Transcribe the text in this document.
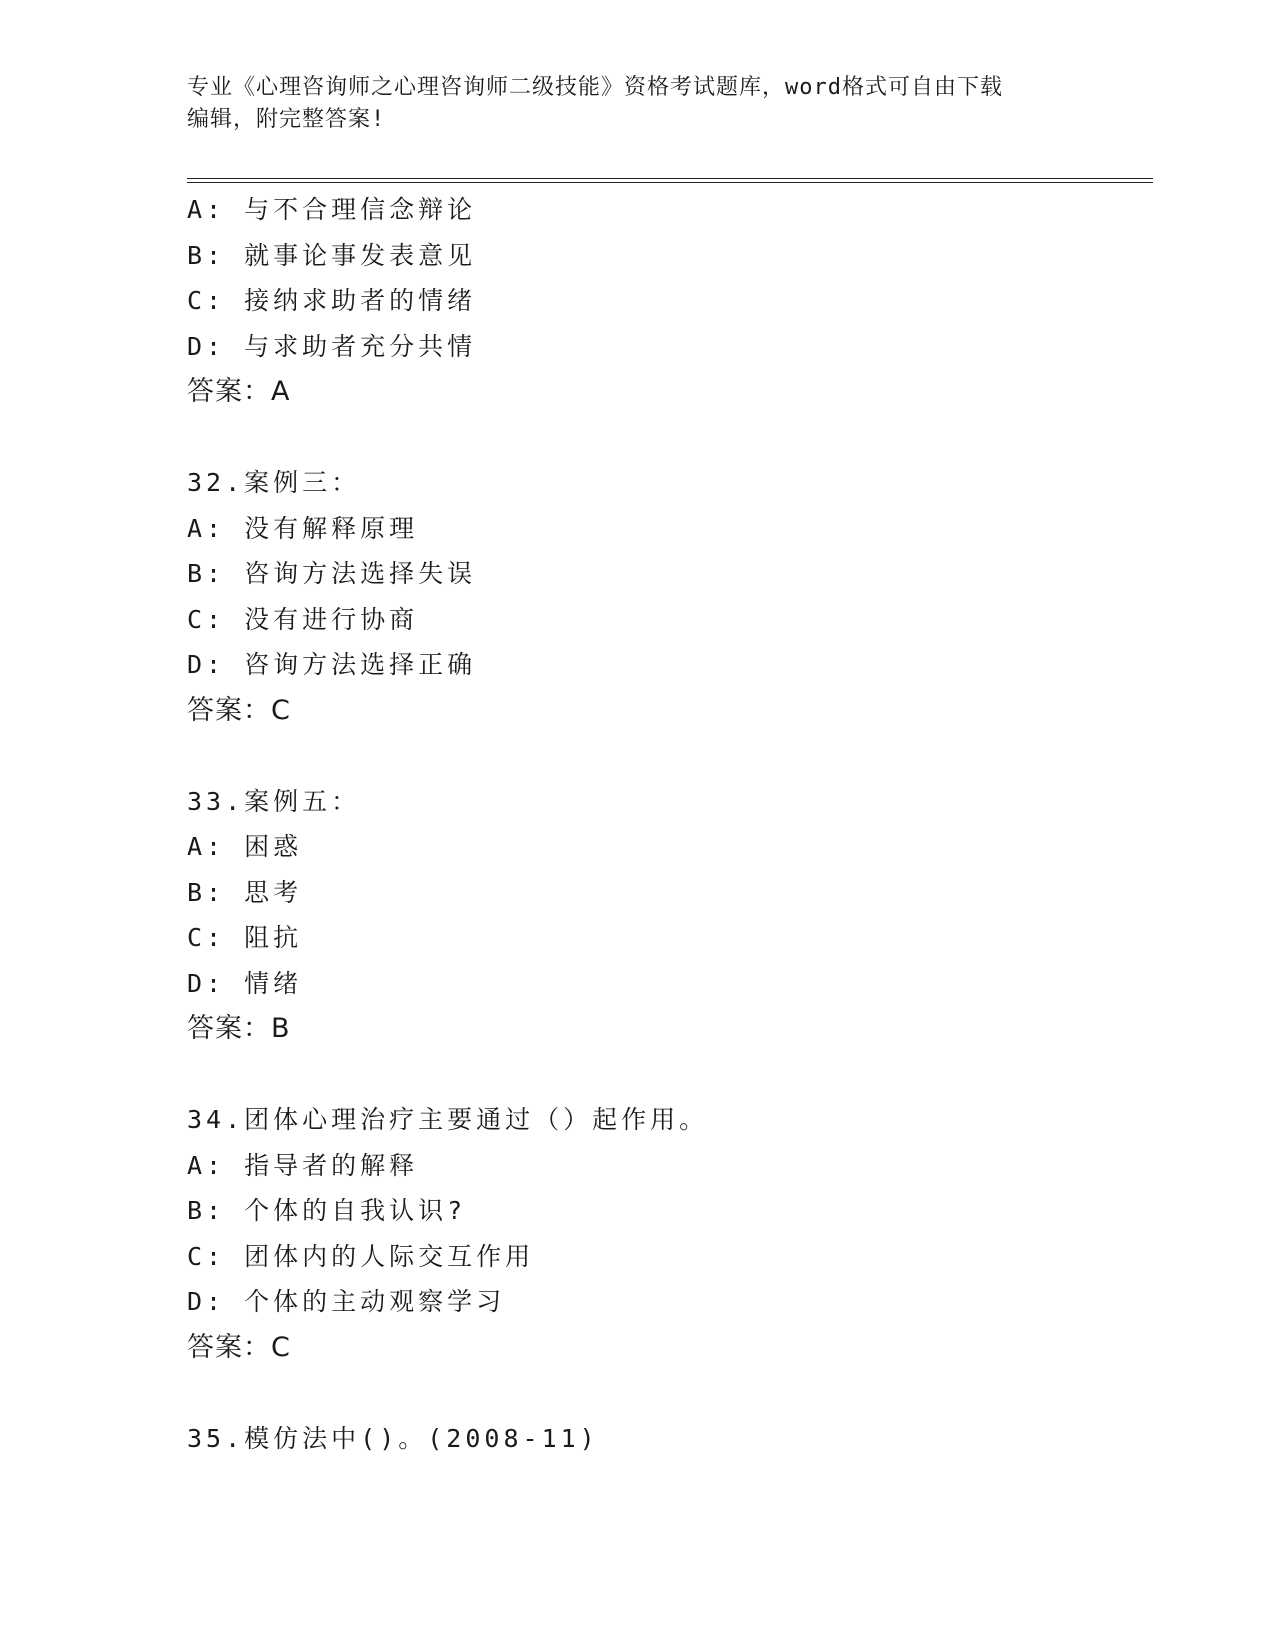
专业《心理咨询师之心理咨询师二级技能》资格考试题库，word格式可自由下载
编辑，附完整答案!
A: 与不合理信念辩论
B: 就事论事发表意见
C: 接纳求助者的情绪
D: 与求助者充分共情
答案：A
32.案例三：
A: 没有解释原理
B: 咨询方法选择失误
C: 没有进行协商
D: 咨询方法选择正确
答案：C
33.案例五：
A: 困惑
B: 思考
C: 阻抗
D: 情绪
答案：B
34.团体心理治疗主要通过（）起作用。
A: 指导者的解释
B: 个体的自我认识?
C: 团体内的人际交互作用
D: 个体的主动观察学习
答案：C
35.模仿法中()。(2008-11)
